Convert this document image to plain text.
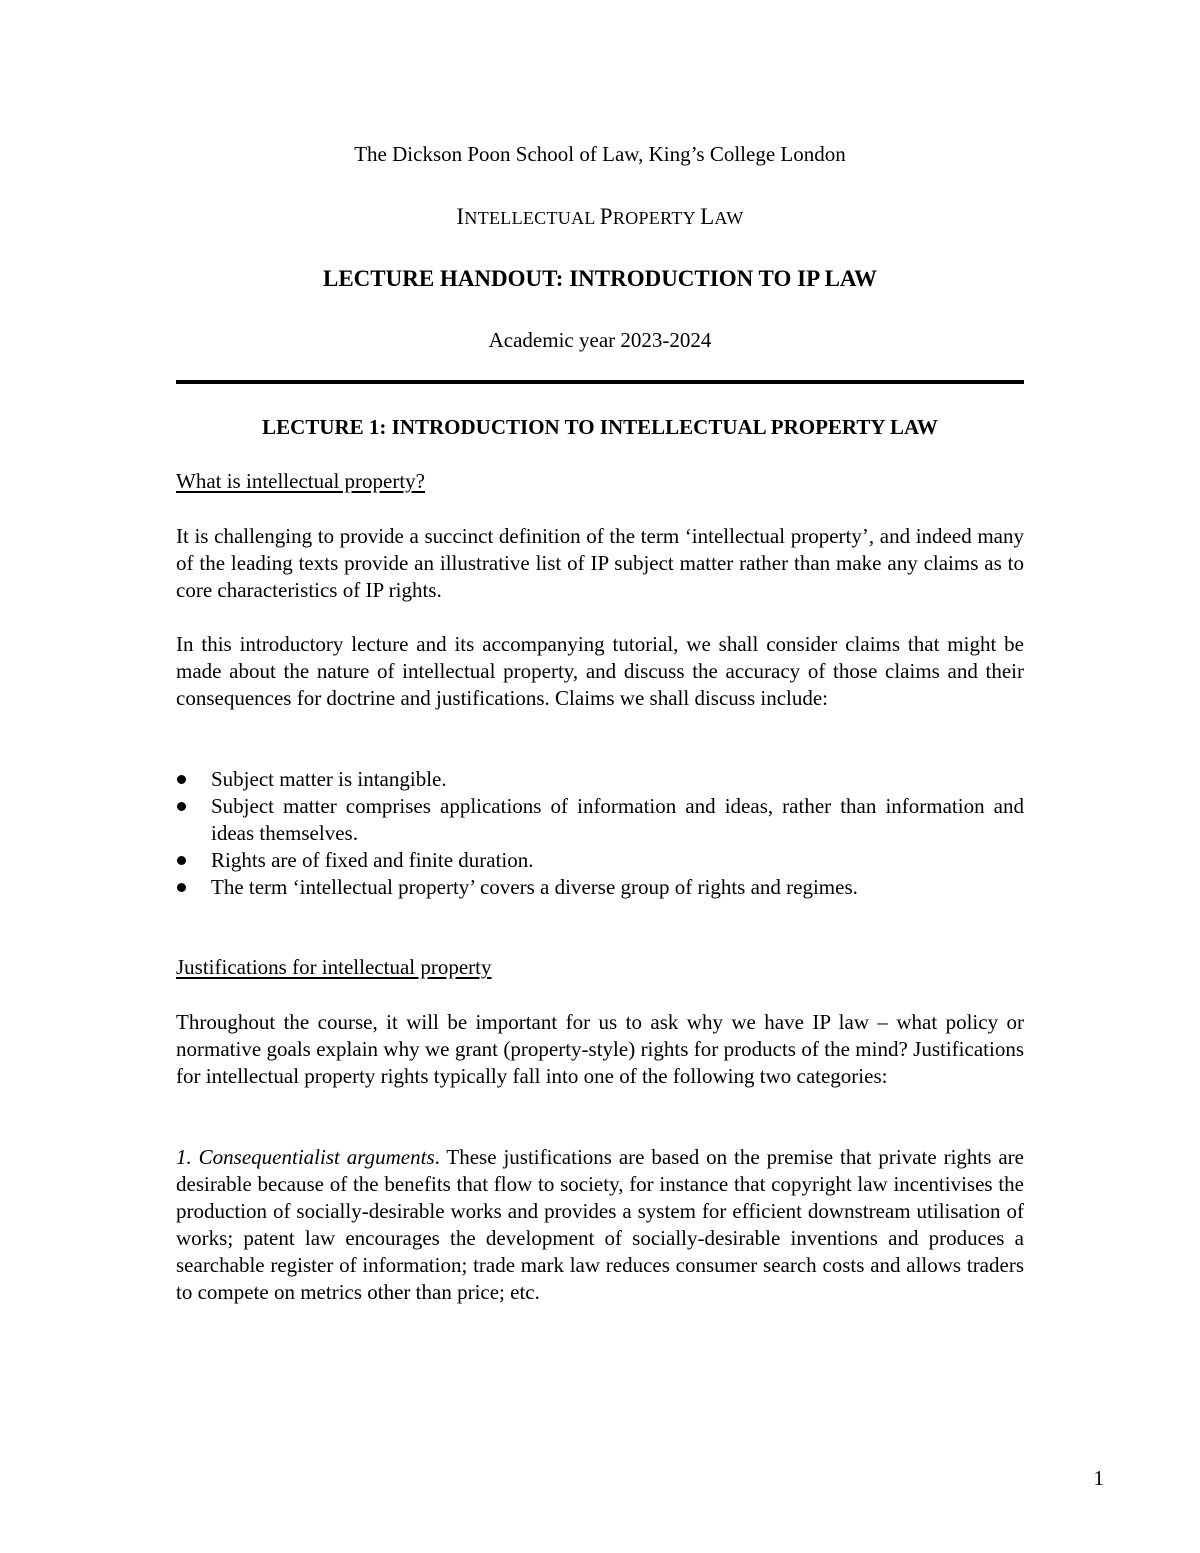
The Dickson Poon School of Law, King’s College London
INTELLECTUAL PROPERTY LAW
LECTURE HANDOUT: INTRODUCTION TO IP LAW
Academic year 2023-2024
LECTURE 1: INTRODUCTION TO INTELLECTUAL PROPERTY LAW
What is intellectual property?

It is challenging to provide a succinct definition of the term ‘intellectual property’, and indeed many of the leading texts provide an illustrative list of IP subject matter rather than make any claims as to core characteristics of IP rights.

In this introductory lecture and its accompanying tutorial, we shall consider claims that might be made about the nature of intellectual property, and discuss the accuracy of those claims and their consequences for doctrine and justifications. Claims we shall discuss include:

Subject matter is intangible.
Subject matter comprises applications of information and ideas, rather than information and ideas themselves.
Rights are of fixed and finite duration.
The term ‘intellectual property’ covers a diverse group of rights and regimes.
Justifications for intellectual property

Throughout the course, it will be important for us to ask why we have IP law – what policy or normative goals explain why we grant (property-style) rights for products of the mind? Justifications for intellectual property rights typically fall into one of the following two categories:

1. Consequentialist arguments. These justifications are based on the premise that private rights are desirable because of the benefits that flow to society, for instance that copyright law incentivises the production of socially-desirable works and provides a system for efficient downstream utilisation of works; patent law encourages the development of socially-desirable inventions and produces a searchable register of information; trade mark law reduces consumer search costs and allows traders to compete on metrics other than price; etc.

1
